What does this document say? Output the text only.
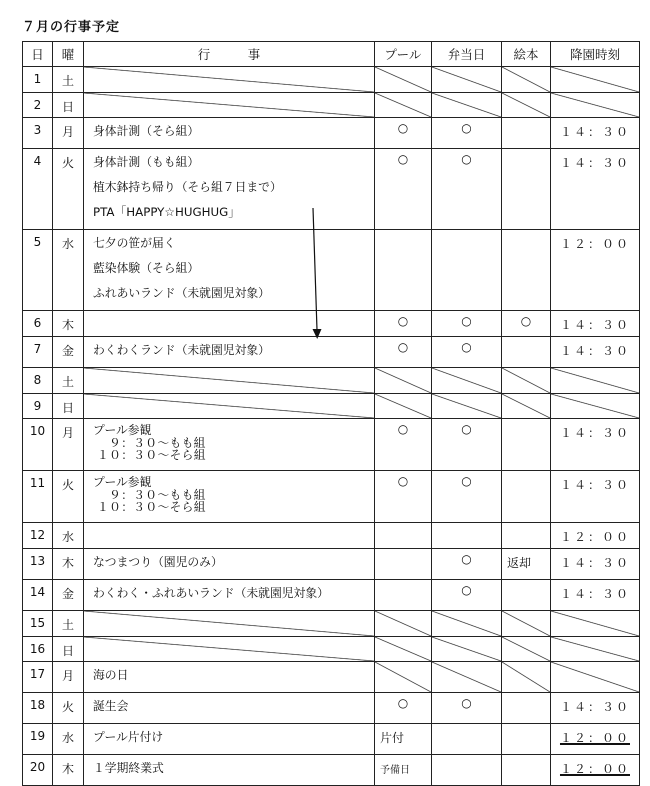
７月の行事予定
日	曜	行　　　事	プール	弁当日	絵本	降園時刻
1	土					
2	日					
3	月	身体計測（そら組）	○	○		１４：３０
4	火	身体計測（もも組）
植木鉢持ち帰り（そら組７日まで）
PTA「HAPPY☆HUGHUG」	○	○		１４：３０
5	水	七夕の笹が届く
藍染体験（そら組）
ふれあいランド（未就園児対象）				１２：００
6	木		○	○	○	１４：３０
7	金	わくわくランド（未就園児対象）	○	○		１４：３０
8	土					
9	日					
10	月	プール参観
９：３０～もも組
１０：３０～そら組	○	○		１４：３０
11	火	プール参観
９：３０～もも組
１０：３０～そら組	○	○		１４：３０
12	水					１２：００
13	木	なつまつり（園児のみ）		○	返却	１４：３０
14	金	わくわく・ふれあいランド（未就園児対象）		○		１４：３０
15	土					
16	日					
17	月	海の日				

18	火	誕生会	○	○		１４：３０
19	水	プール片付け	片付			１２：００
20	木	１学期終業式	予備日			１２：００
